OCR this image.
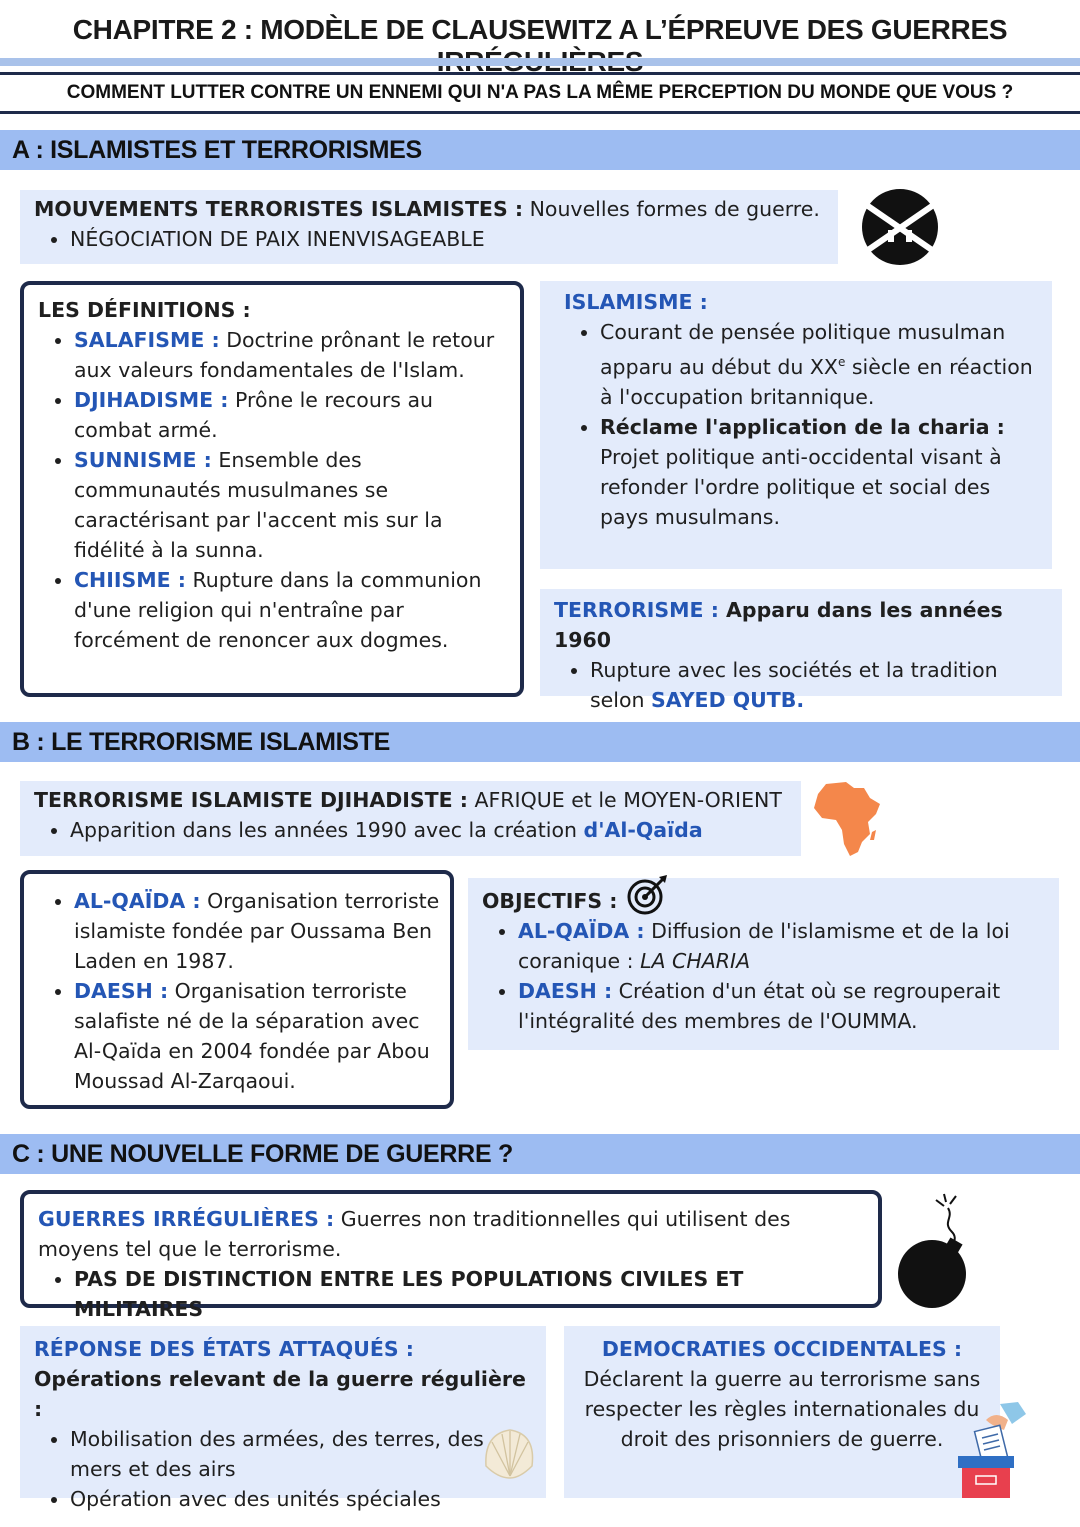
CHAPITRE 2 : MODÈLE DE CLAUSEWITZ A L’ÉPREUVE DES GUERRES
COMMENT LUTTER CONTRE UN ENNEMI QUI N'A PAS LA MÊME PERCEPTION DU MONDE QUE VOUS ?
A : ISLAMISTES ET TERRORISMES

MOUVEMENTS TERRORISTES ISLAMISTES : Nouvelles formes de guerre.

• NÉGOCIATION DE PAIX INENVISAGEABLE

LES DÉFINITIONS :

• SALAFISME : Doctrine prônant le retour aux valeurs fondamentales de l'Islam.
• DJIHADISME : Prône le recours au combat armé.
• SUNNISME : Ensemble des communautés musulmanes se caractérisant par l'accent mis sur la fidélité à la sunna.
• CHIISME : Rupture dans la communion d'une religion qui n'entraîne par forcément de renoncer aux dogmes.

ISLAMISME :

• Courant de pensée politique musulman apparu au début du XXe siècle en réaction à l'occupation britannique.
• Réclame l'application de la charia : Projet politique anti-occidental visant à refonder l'ordre politique et social des pays musulmans.

TERRORISME : Apparu dans les années 1960

• Rupture avec les sociétés et la tradition selon SAYED QUTB.
B : LE TERRORISME ISLAMISTE

TERRORISME ISLAMISTE DJIHADISTE : AFRIQUE et le MOYEN-ORIENT

• Apparition dans les années 1990 avec la création d'Al-Qaïda
• AL-QAÏDA : Organisation terroriste islamiste fondée par Oussama Ben Laden en 1987.
• DAESH : Organisation terroriste salafiste né de la séparation avec Al-Qaïda en 2004 fondée par Abou Moussad Al-Zarqaoui.

OBJECTIFS :

• AL-QAÏDA : Diffusion de l'islamisme et de la loi coranique : LA CHARIA
• DAESH : Création d'un état où se regrouperait l'intégralité des membres de l'OUMMA.
C : UNE NOUVELLE FORME DE GUERRE ?

GUERRES IRRÉGULIÈRES : Guerres non traditionnelles qui utilisent des moyens tel que le terrorisme.

• PAS DE DISTINCTION ENTRE LES POPULATIONS CIVILES ET MILITAIRES

RÉPONSE DES ÉTATS ATTAQUÉS :

Opérations relevant de la guerre régulière :

• Mobilisation des armées, des terres, des mers et des airs
• Opération avec des unités spéciales

DEMOCRATIES OCCIDENTALES :

Déclarent la guerre au terrorisme sans respecter les règles internationales du droit des prisonniers de guerre.
